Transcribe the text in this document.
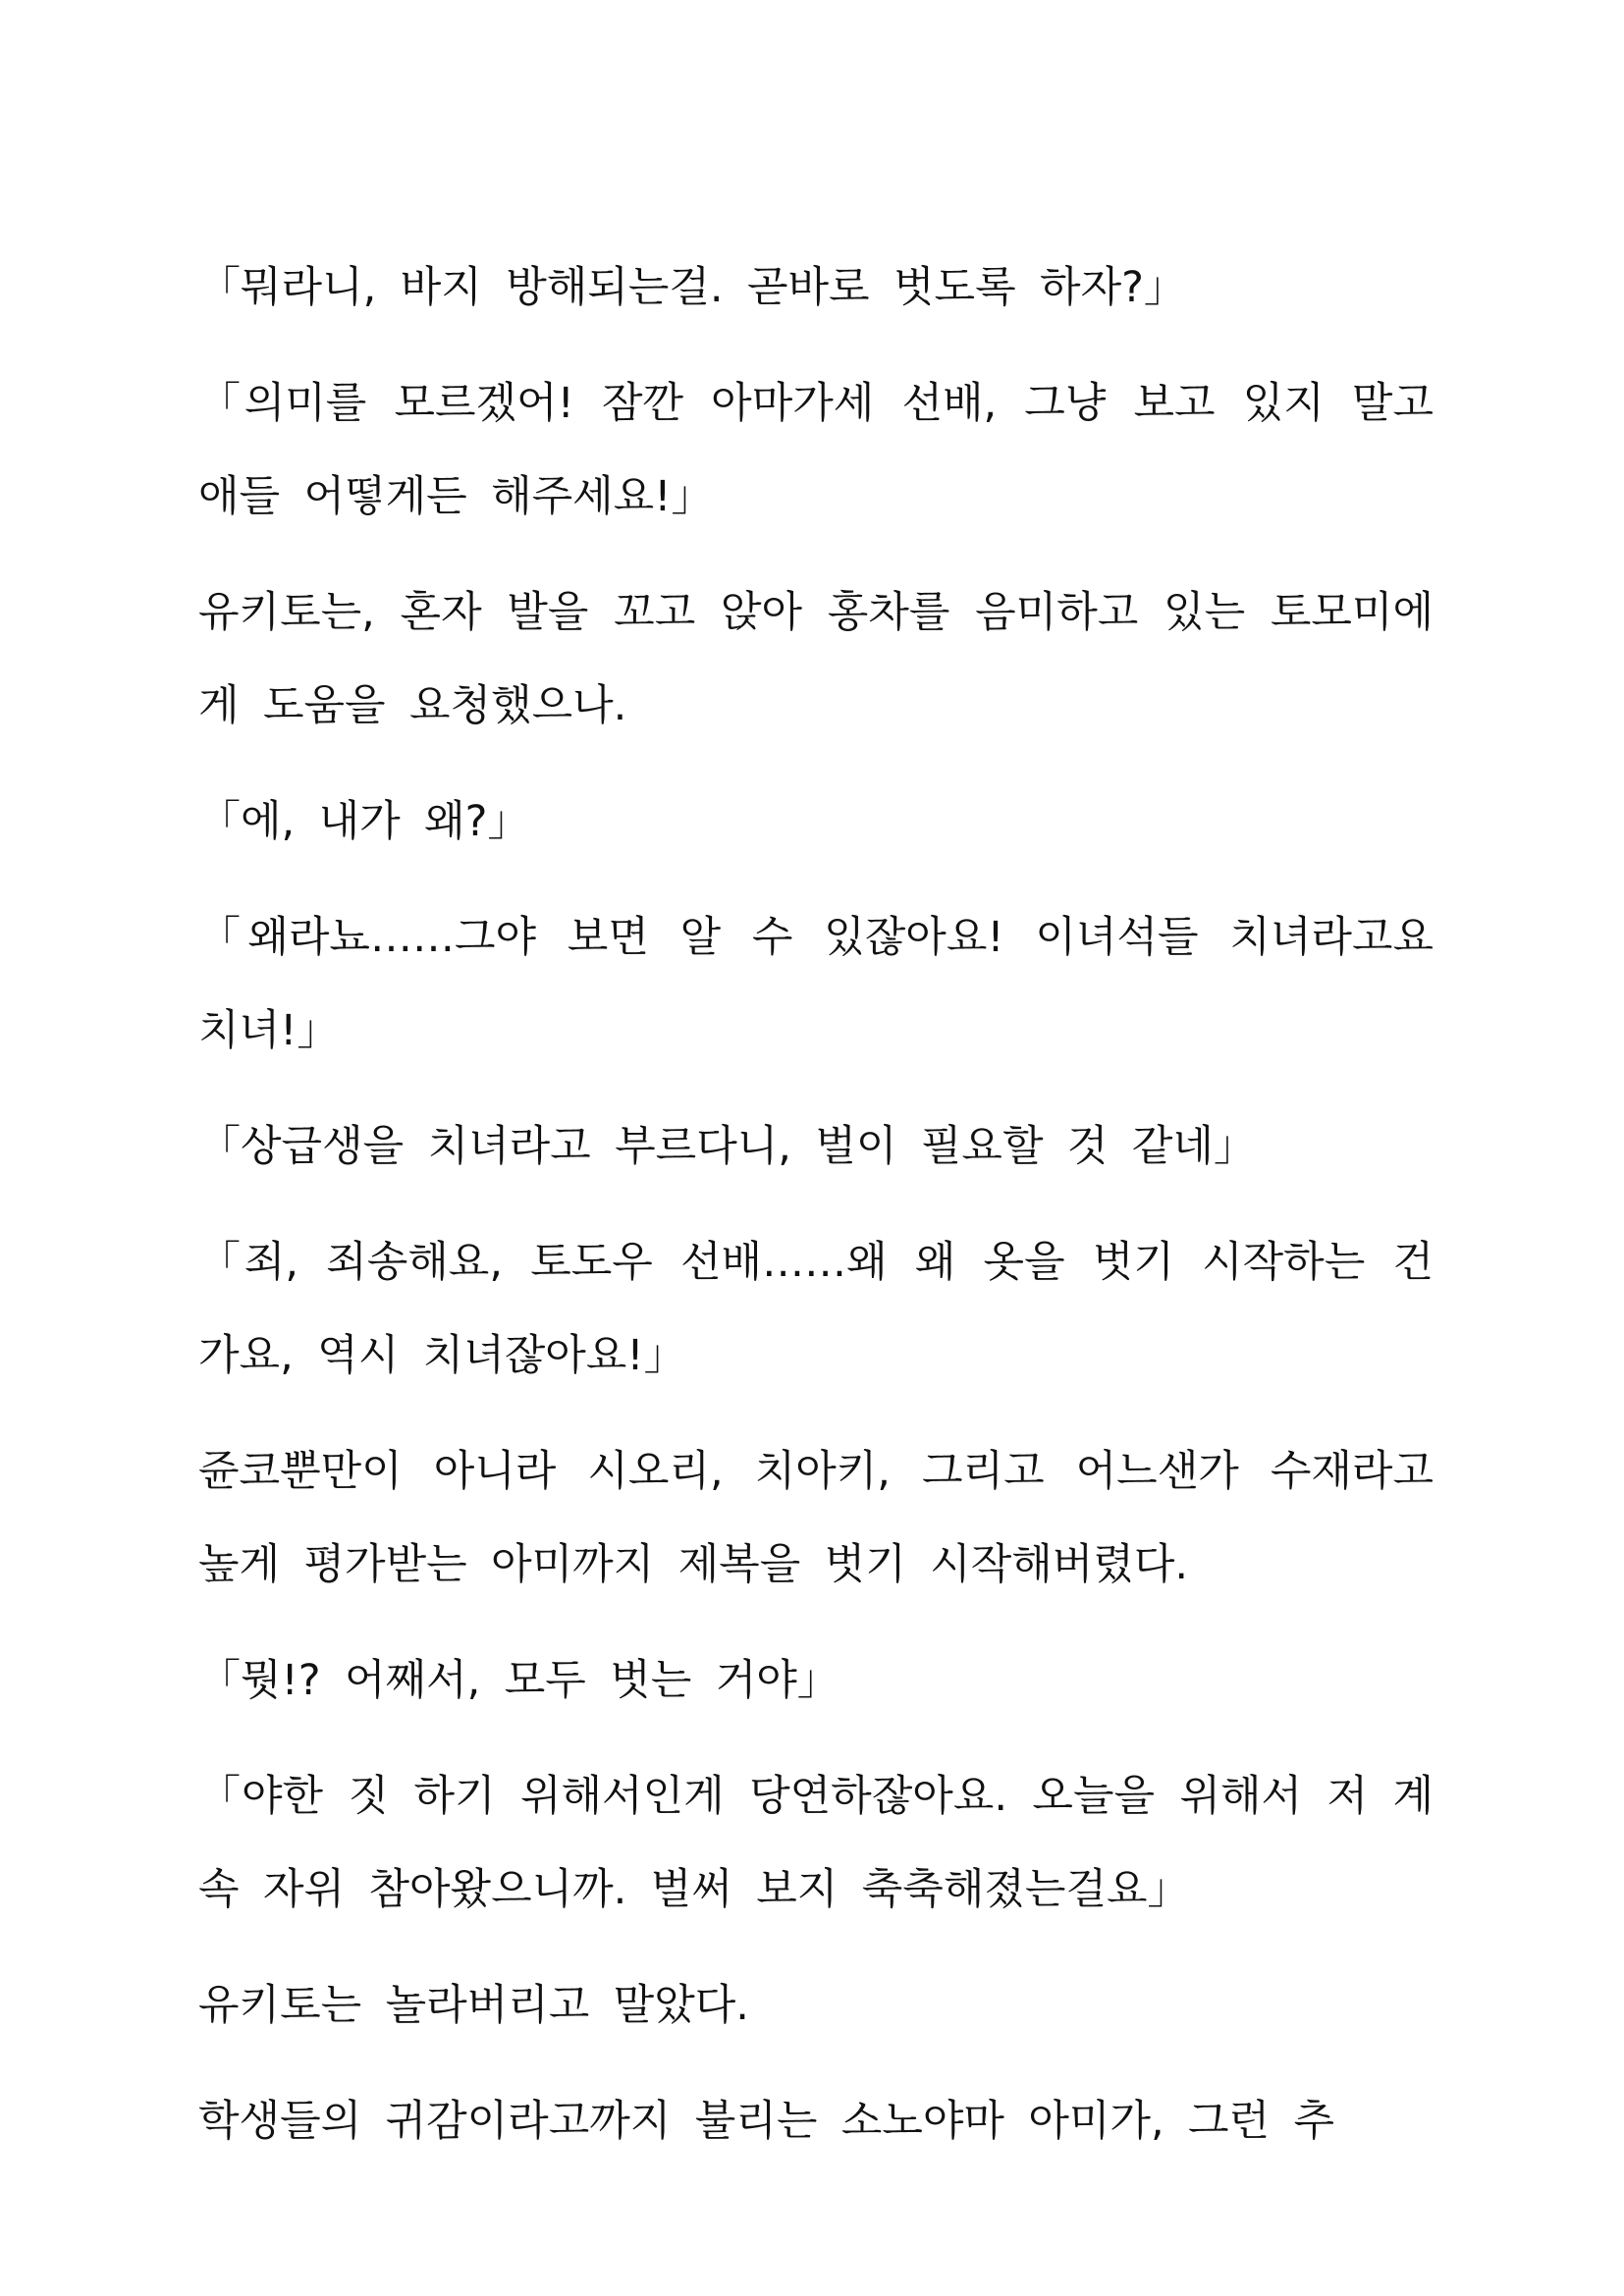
「뭐라니, 바지 방해되는걸. 곧바로 벗도록 하자?」

「의미를 모르겠어! 잠깐 아마가세 선배, 그냥 보고 있지 말고 애들 어떻게든 해주세요!」

유키토는, 혼자 발을 꼬고 앉아 홍차를 음미하고 있는 토모미에게 도움을 요청했으나.

「에, 내가 왜?」

「왜라뇨……그야 보면 알 수 있잖아요! 이녀석들 치녀라고요 치녀!」

「상급생을 치녀라고 부르다니, 벌이 필요할 것 같네」

「죄, 죄송해요, 토도우 선배……왜 왜 옷을 벗기 시작하는 건가요, 역시 치녀잖아요!」

쥰코뿐만이 아니라 시오리, 치아키, 그리고 어느샌가 수재라고 높게 평가받는 아미까지 제복을 벗기 시작해버렸다.

「뭣!? 어째서, 모두 벗는 거야」

「야한 짓 하기 위해서인게 당연하잖아요. 오늘을 위해서 저 계속 자위 참아왔으니까. 벌써 보지 축축해졌는걸요」

유키토는 놀라버리고 말았다.

학생들의 귀감이라고까지 불리는 소노야마 아미가, 그런 추
